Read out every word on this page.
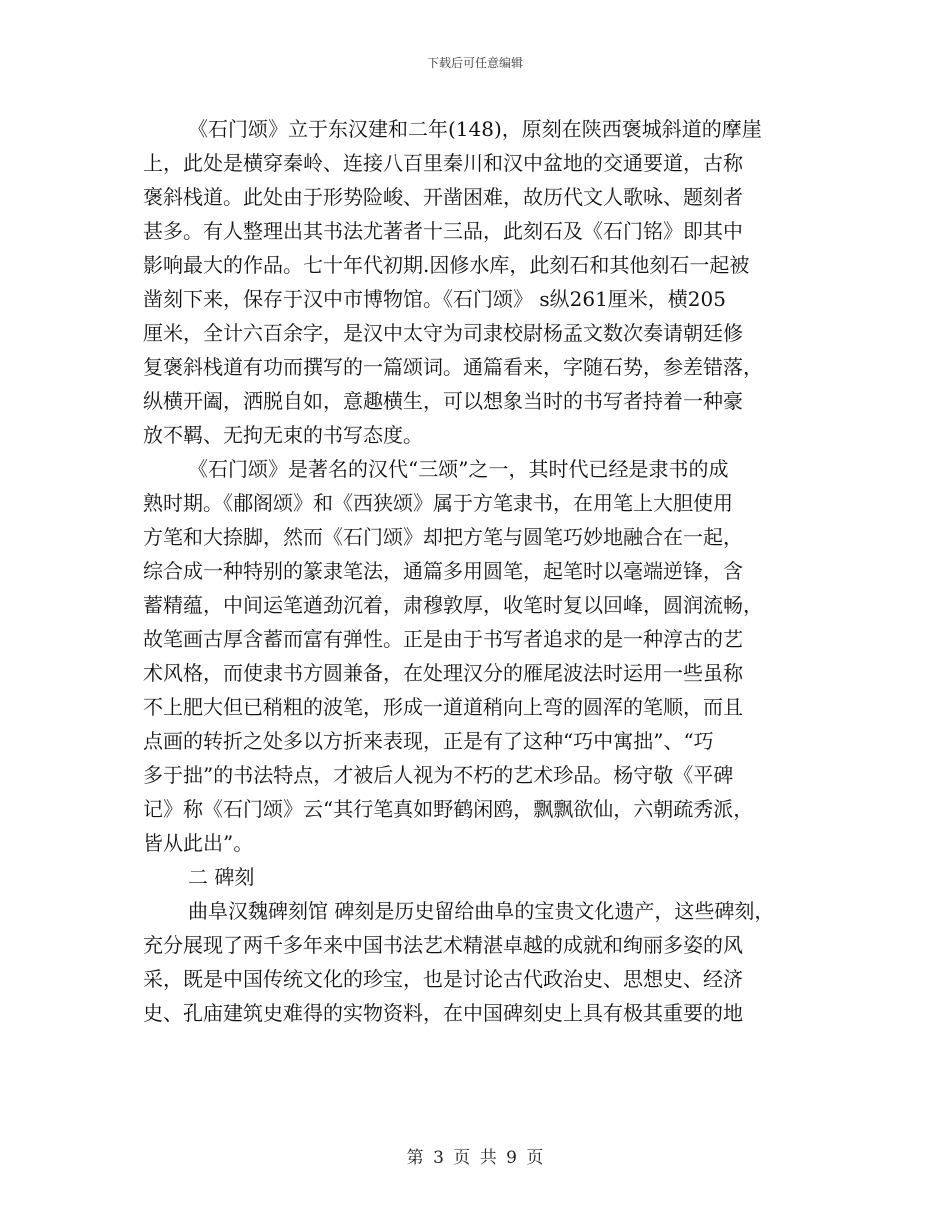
下载后可任意编辑
《石门颂》立于东汉建和二年(148)，原刻在陕西褒城斜道的摩崖
上，此处是横穿秦岭、连接八百里秦川和汉中盆地的交通要道，古称
褒斜栈道。此处由于形势险峻、开凿困难，故历代文人歌咏、题刻者
甚多。有人整理出其书法尤著者十三品，此刻石及《石门铭》即其中
影响最大的作品。七十年代初期.因修水库，此刻石和其他刻石一起被
凿刻下来，保存于汉中市博物馆。《石门颂》 s纵261厘米，横205
厘米，全计六百余字，是汉中太守为司隶校尉杨孟文数次奏请朝廷修
复褒斜栈道有功而撰写的一篇颂词。通篇看来，字随石势，参差错落，
纵横开阖，洒脱自如，意趣横生，可以想象当时的书写者持着一种豪
放不羁、无拘无束的书写态度。
《石门颂》是著名的汉代“三颂”之一，其时代已经是隶书的成
熟时期。《郙阁颂》和《西狭颂》属于方笔隶书，在用笔上大胆使用
方笔和大捺脚，然而《石门颂》却把方笔与圆笔巧妙地融合在一起，
综合成一种特别的篆隶笔法，通篇多用圆笔，起笔时以毫端逆锋，含
蓄精蕴，中间运笔遒劲沉着，肃穆敦厚，收笔时复以回峰，圆润流畅，
故笔画古厚含蓄而富有弹性。正是由于书写者追求的是一种淳古的艺
术风格，而使隶书方圆兼备，在处理汉分的雁尾波法时运用一些虽称
不上肥大但已稍粗的波笔，形成一道道稍向上弯的圆浑的笔顺，而且
点画的转折之处多以方折来表现，正是有了这种“巧中寓拙”、“巧
多于拙”的书法特点，才被后人视为不朽的艺术珍品。杨守敬《平碑
记》称《石门颂》云“其行笔真如野鹤闲鸥，飘飘欲仙，六朝疏秀派，
皆从此出”。
二 碑刻
曲阜汉魏碑刻馆 碑刻是历史留给曲阜的宝贵文化遗产，这些碑刻，
充分展现了两千多年来中国书法艺术精湛卓越的成就和绚丽多姿的风
采，既是中国传统文化的珍宝，也是讨论古代政治史、思想史、经济
史、孔庙建筑史难得的实物资料，在中国碑刻史上具有极其重要的地
第 3 页 共 9 页
